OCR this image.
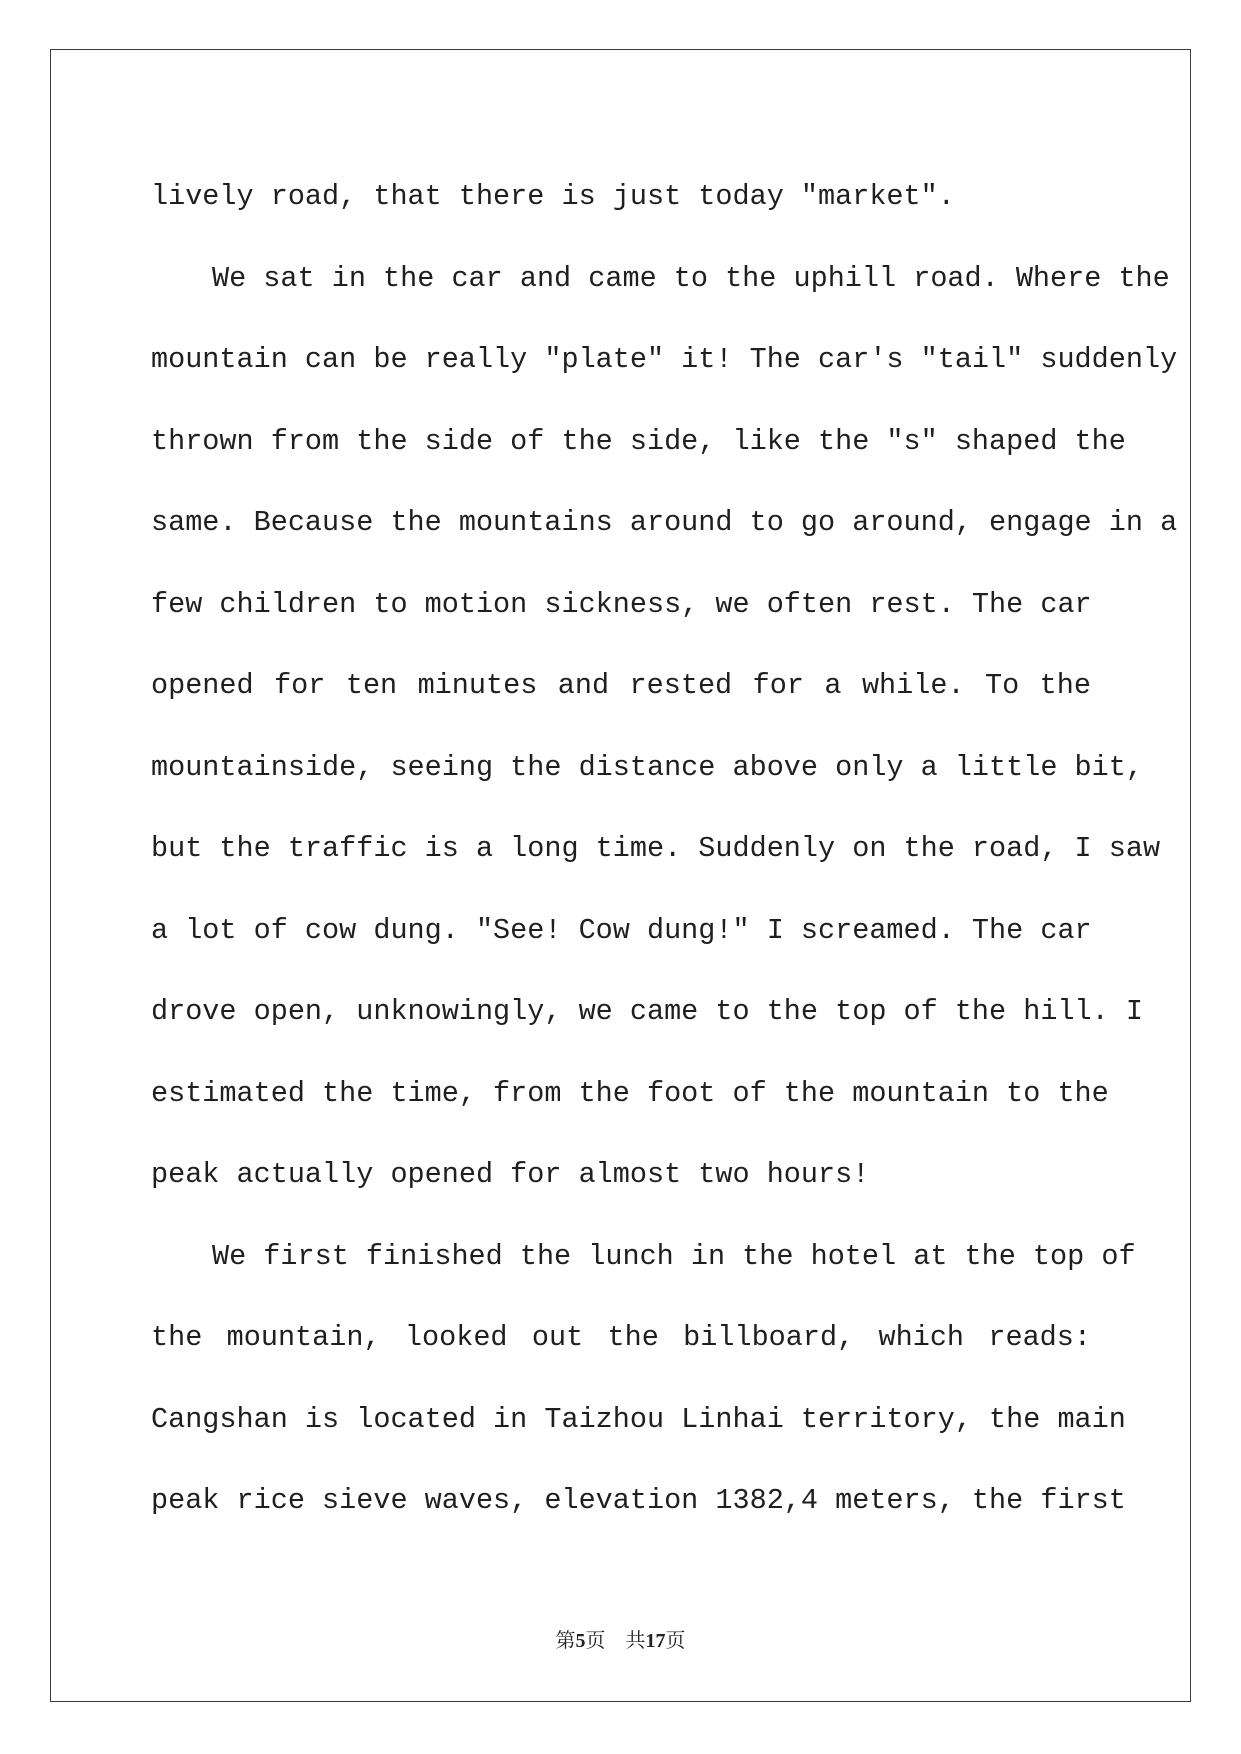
lively road, that there is just today "market".
We sat in the car and came to the uphill road. Where the
mountain can be really "plate" it! The car's "tail" suddenly
thrown from the side of the side, like the "s" shaped the
same. Because the mountains around to go around, engage in a
few children to motion sickness, we often rest. The car
opened for ten minutes and rested for a while. To the
mountainside, seeing the distance above only a little bit,
but the traffic is a long time. Suddenly on the road, I saw
a lot of cow dung. "See! Cow dung!" I screamed. The car
drove open, unknowingly, we came to the top of the hill. I
estimated the time, from the foot of the mountain to the
peak actually opened for almost two hours!
We first finished the lunch in the hotel at the top of
the mountain, looked out the billboard, which reads:
Cangshan is located in Taizhou Linhai territory, the main
peak rice sieve waves, elevation 1382,4 meters, the first
第5页 共17页
